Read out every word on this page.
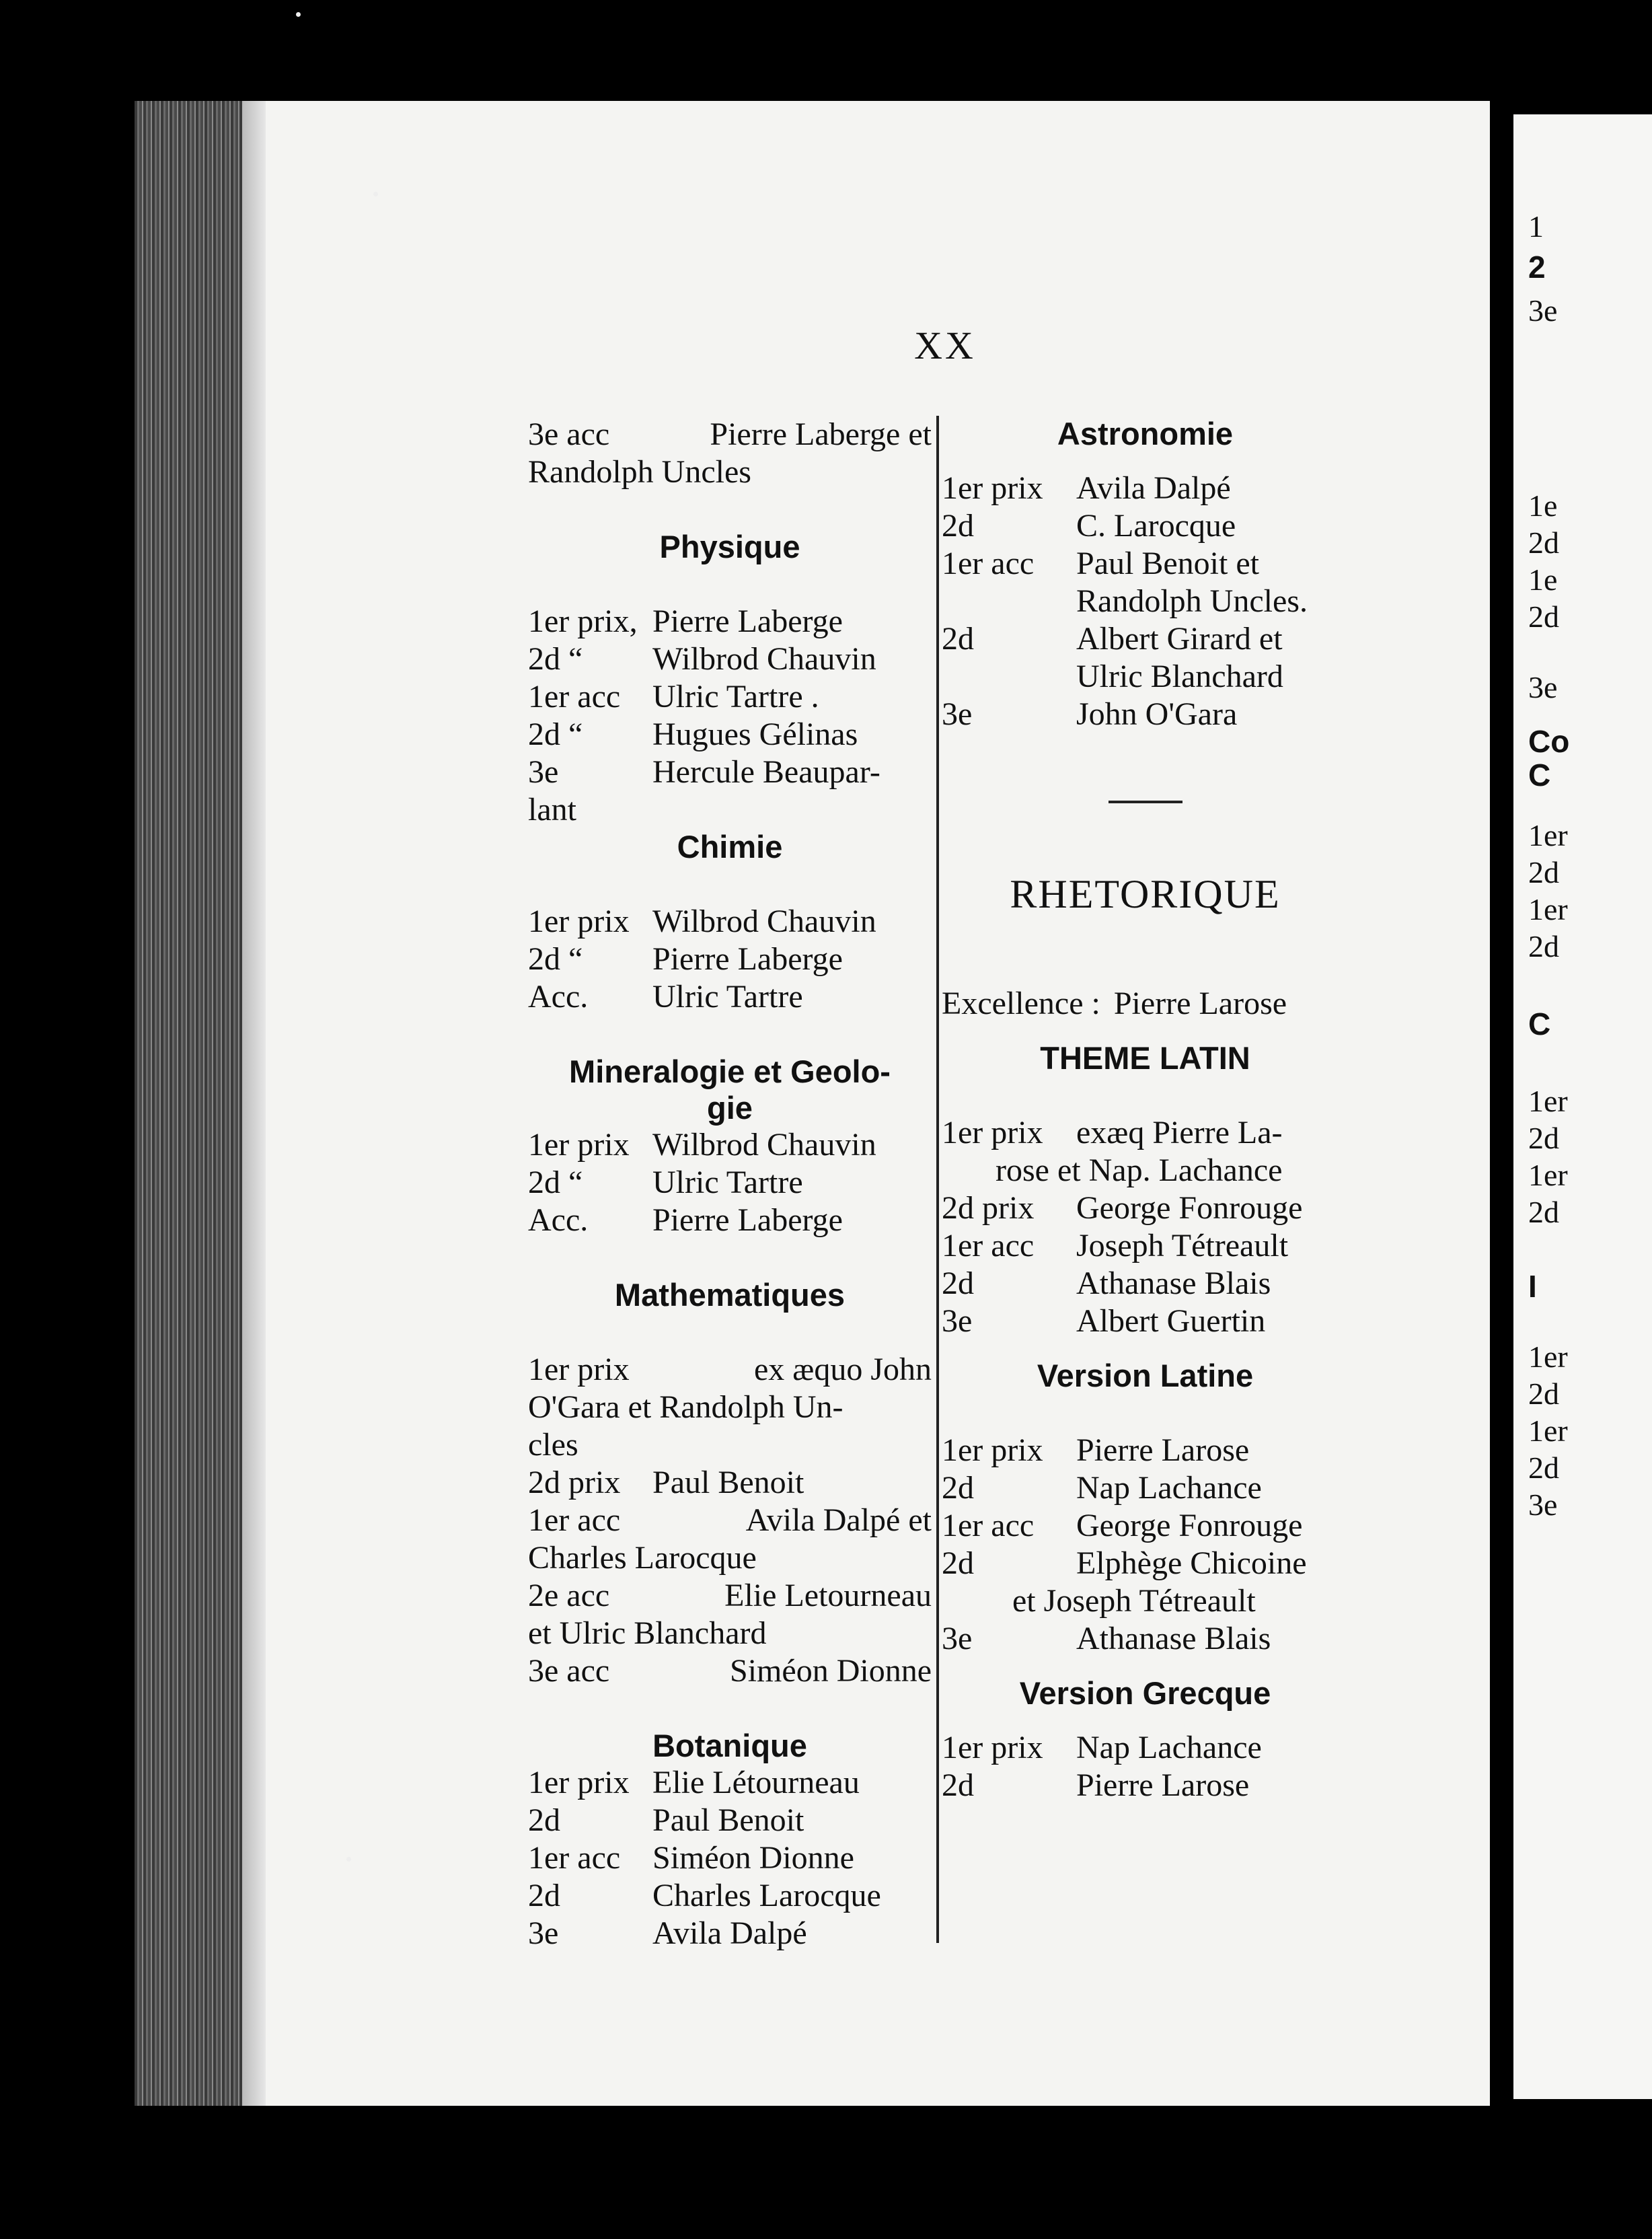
1
2
3e
1e
2d
1e
2d
3e
Co
C
1er
2d
1er
2d
C
1er
2d
1er
2d
I
1er
2d
1er
2d
3e
XX
3e acc	Pierre Laberge et
Randolph Uncles
Physique
1er prix, Pierre Laberge
2d “	Wilbrod Chauvin
1er acc Ulric Tartre .
2d “	Hugues Gélinas
3e	Hercule Beaupar-
lant
Chimie
1er prix Wilbrod Chauvin
2d “	Pierre Laberge
Acc.	Ulric Tartre
Mineralogie et Geolo-
gie
1er prix Wilbrod Chauvin
2d “	Ulric Tartre
Acc.	Pierre Laberge
Mathematiques
1er prix	ex æquo John
O'Gara et Randolph Un-
cles
2d prix Paul Benoit
1er acc	Avila Dalpé et
Charles Larocque
2e acc	Elie Letourneau
et Ulric Blanchard
3e acc	Siméon Dionne
Botanique
1er prix Elie Létourneau
2d	Paul Benoit
1er acc Siméon Dionne
2d	Charles Larocque
3e	Avila Dalpé
Astronomie
1er prix	Avila Dalpé
2d	C. Larocque
1er acc	Paul Benoit et
Randolph Uncles.
2d	Albert Girard et
Ulric Blanchard
3e	John O'Gara
RHETORIQUE
Excellence : Pierre Larose
THEME LATIN
1er prix	exæq Pierre La-
rose et Nap. Lachance
2d prix	George Fonrouge
1er acc	Joseph Tétreault
2d	Athanase Blais
3e	Albert Guertin
Version Latine
1er prix	Pierre Larose
2d	Nap Lachance
1er acc	George Fonrouge
2d	Elphège Chicoine
et Joseph Tétreault
3e	Athanase Blais
Version Grecque
1er prix	Nap Lachance
2d	Pierre Larose
